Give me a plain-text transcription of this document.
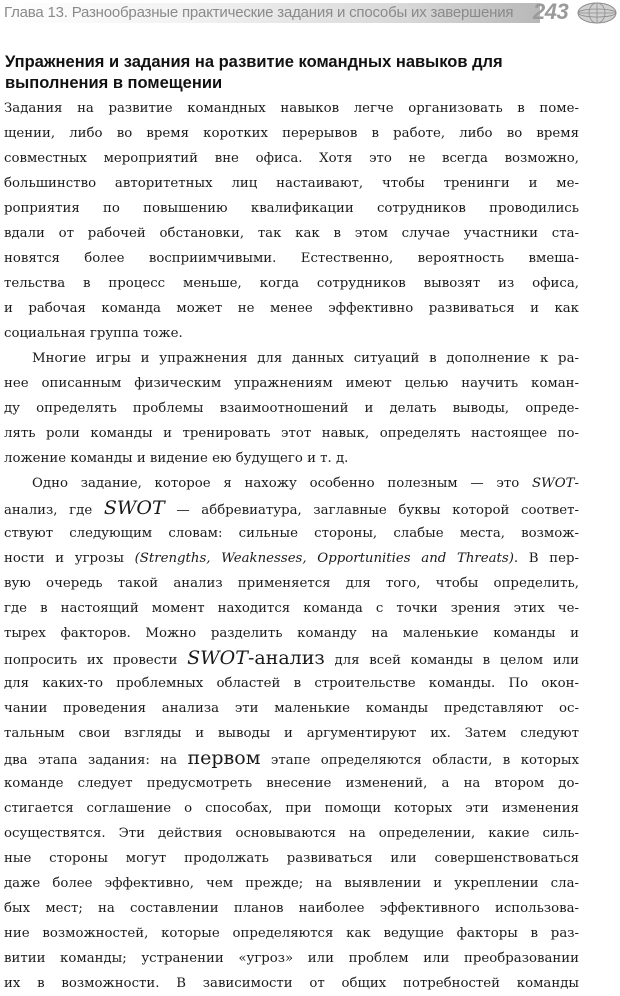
Глава 13. Разнообразные практические задания и способы их завершения 243
Упражнения и задания на развитие командных навыков для
выполнения в помещении
Задания на развитие командных навыков легче организовать в поме-
щении, либо во время коротких перерывов в работе, либо во время
совместных мероприятий вне офиса. Хотя это не всегда возможно,
большинство авторитетных лиц настаивают, чтобы тренинги и ме-
роприятия по повышению квалификации сотрудников проводились
вдали от рабочей обстановки, так как в этом случае участники ста-
новятся более восприимчивыми. Естественно, вероятность вмеша-
тельства в процесс меньше, когда сотрудников вывозят из офиса,
и рабочая команда может не менее эффективно развиваться и как
социальная группа тоже.
Многие игры и упражнения для данных ситуаций в дополнение к ра-
нее описанным физическим упражнениям имеют целью научить коман-
ду определять проблемы взаимоотношений и делать выводы, опреде-
лять роли команды и тренировать этот навык, определять настоящее по-
ложение команды и видение ею будущего и т. д.
Одно задание, которое я нахожу особенно полезным — это SWOT-
анализ, где SWOT — аббревиатура, заглавные буквы которой соответ-
ствуют следующим словам: сильные стороны, слабые места, возмож-
ности и угрозы (Strengths, Weaknesses, Opportunities and Threats). В пер-
вую очередь такой анализ применяется для того, чтобы определить,
где в настоящий момент находится команда с точки зрения этих че-
тырех факторов. Можно разделить команду на маленькие команды и
попросить их провести SWOT-анализ для всей команды в целом или
для каких-то проблемных областей в строительстве команды. По окон-
чании проведения анализа эти маленькие команды представляют ос-
тальным свои взгляды и выводы и аргументируют их. Затем следуют
два этапа задания: на первом этапе определяются области, в которых
команде следует предусмотреть внесение изменений, а на втором до-
стигается соглашение о способах, при помощи которых эти изменения
осуществятся. Эти действия основываются на определении, какие силь-
ные стороны могут продолжать развиваться или совершенствоваться
даже более эффективно, чем прежде; на выявлении и укреплении сла-
бых мест; на составлении планов наиболее эффективного использова-
ние возможностей, которые определяются как ведущие факторы в раз-
витии команды; устранении «угроз» или проблем или преобразовании
их в возможности. В зависимости от общих потребностей команды
